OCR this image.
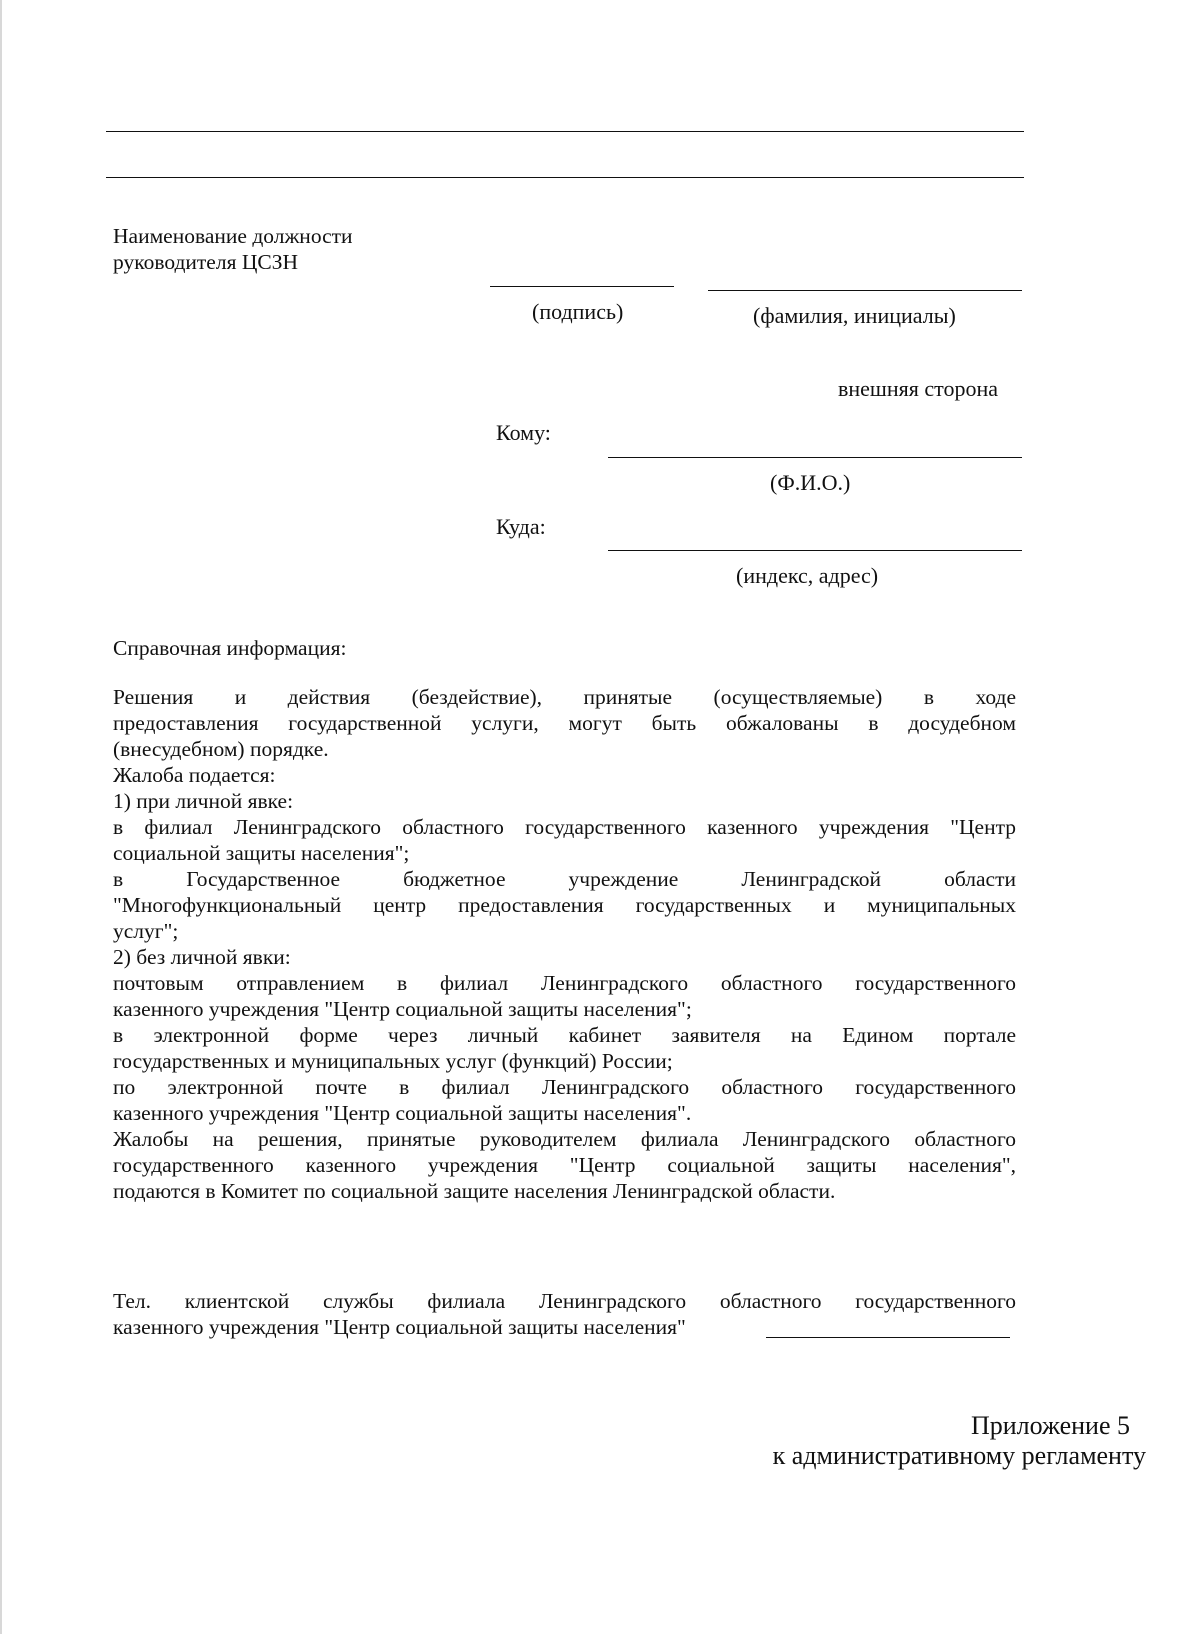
Наименование должности
руководителя ЦСЗН
(подпись)	(фамилия, инициалы)
внешняя сторона
Кому:
(Ф.И.О.)
Куда:
(индекс, адрес)
Справочная информация:
Решения и действия (бездействие), принятые (осуществляемые) в ходе
предоставления государственной услуги, могут быть обжалованы в досудебном
(внесудебном) порядке.
Жалоба подается:
1) при личной явке:
в филиал Ленинградского областного государственного казенного учреждения "Центр
социальной защиты населения";
в Государственное бюджетное учреждение Ленинградской области
"Многофункциональный центр предоставления государственных и муниципальных
услуг";
2) без личной явки:
почтовым отправлением в филиал Ленинградского областного государственного
казенного учреждения "Центр социальной защиты населения";
в электронной форме через личный кабинет заявителя на Едином портале
государственных и муниципальных услуг (функций) России;
по электронной почте в филиал Ленинградского областного государственного
казенного учреждения "Центр социальной защиты населения".
Жалобы на решения, принятые руководителем филиала Ленинградского областного
государственного казенного учреждения "Центр социальной защиты населения",
подаются в Комитет по социальной защите населения Ленинградской области.
Тел. клиентской службы филиала Ленинградского областного государственного
казенного учреждения "Центр социальной защиты населения"
Приложение 5
к административному регламенту
